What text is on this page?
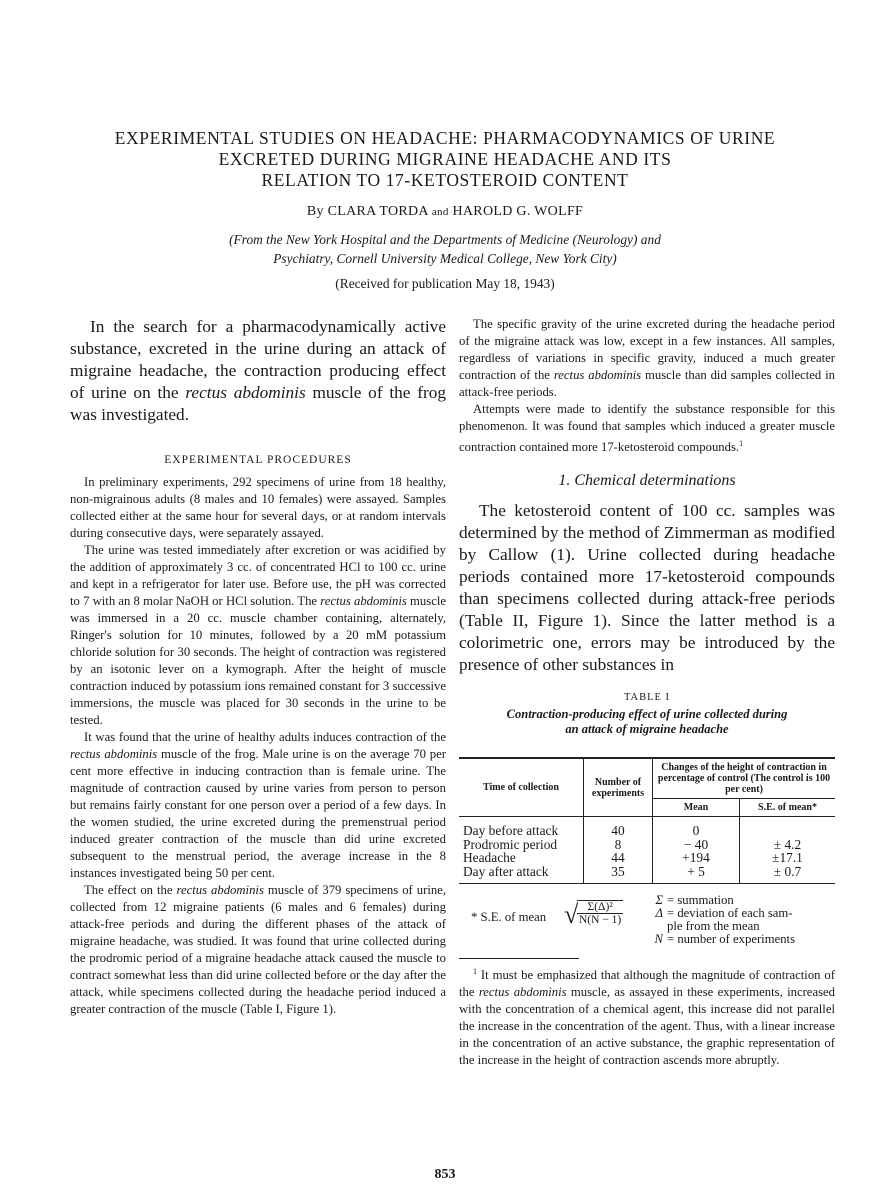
EXPERIMENTAL STUDIES ON HEADACHE: PHARMACODYNAMICS OF URINE
EXCRETED DURING MIGRAINE HEADACHE AND ITS
RELATION TO 17-KETOSTEROID CONTENT
By CLARA TORDA and HAROLD G. WOLFF
(From the New York Hospital and the Departments of Medicine (Neurology) and
Psychiatry, Cornell University Medical College, New York City)
(Received for publication May 18, 1943)

In the search for a pharmacodynamically active substance, excreted in the urine during an attack of migraine headache, the contraction producing effect of urine on the rectus abdominis muscle of the frog was investigated.

EXPERIMENTAL PROCEDURES

In preliminary experiments, 292 specimens of urine from 18 healthy, non-migrainous adults (8 males and 10 females) were assayed. Samples collected either at the same hour for several days, or at random intervals during consecutive days, were separately assayed.

The urine was tested immediately after excretion or was acidified by the addition of approximately 3 cc. of concentrated HCl to 100 cc. urine and kept in a refrigerator for later use. Before use, the pH was corrected to 7 with an 8 molar NaOH or HCl solution. The rectus abdominis muscle was immersed in a 20 cc. muscle chamber containing, alternately, Ringer's solution for 10 minutes, followed by a 20 mM potassium chloride solution for 30 seconds. The height of contraction was registered by an isotonic lever on a kymograph. After the height of muscle contraction induced by potassium ions remained constant for 3 successive immersions, the muscle was placed for 30 seconds in the urine to be tested.

It was found that the urine of healthy adults induces contraction of the rectus abdominis muscle of the frog. Male urine is on the average 70 per cent more effective in inducing contraction than is female urine. The magnitude of contraction caused by urine varies from person to person but remains fairly constant for one person over a period of a few days. In the women studied, the urine excreted during the premenstrual period induced greater contraction of the muscle than did urine excreted subsequent to the menstrual period, the average increase in the 8 instances investigated being 50 per cent.

The effect on the rectus abdominis muscle of 379 specimens of urine, collected from 12 migraine patients (6 males and 6 females) during attack-free periods and during the different phases of the attack of migraine headache, was studied. It was found that urine collected during the prodromic period of a migraine headache attack caused the muscle to contract somewhat less than did urine collected before or the day after the attack, while specimens collected during the headache period induced a greater contraction of the muscle (Table I, Figure 1).

The specific gravity of the urine excreted during the headache period of the migraine attack was low, except in a few instances. All samples, regardless of variations in specific gravity, induced a much greater contraction of the rectus abdominis muscle than did samples collected in attack-free periods.

Attempts were made to identify the substance responsible for this phenomenon. It was found that samples which induced a greater muscle contraction contained more 17-ketosteroid compounds.$^1$

1. Chemical determinations

The ketosteroid content of 100 cc. samples was determined by the method of Zimmerman as modified by Callow (1). Urine collected during headache periods contained more 17-ketosteroid compounds than specimens collected during attack-free periods (Table II, Figure 1). Since the latter method is a colorimetric one, errors may be introduced by the presence of other substances in

TABLE I
Contraction-producing effect of urine collected during
an attack of migraine headache
Time of collection	Number of experiments	Changes of the height of contraction in percentage of control (The control is 100 per cent)	
		Mean	S.E. of mean*
Day before attack	40	0	
Prodromic period	8	− 40	± 4.2
Headache	44	+194	±17.1
Day after attack	35	+ 5	± 0.7
* S.E. of mean √
$\frac{\text{Σ(Δ)²}}{N(N - 1)}$	Σ = summation
Δ = deviation of each sam-
ple from the mean
N = number of experiments

$^1$ It must be emphasized that although the magnitude of contraction of the rectus abdominis muscle, as assayed in these experiments, increased with the concentration of a chemical agent, this increase did not parallel the increase in the concentration of the agent. Thus, with a linear increase in the concentration of an active substance, the graphic representation of the increase in the height of contraction ascends more abruptly.

853
